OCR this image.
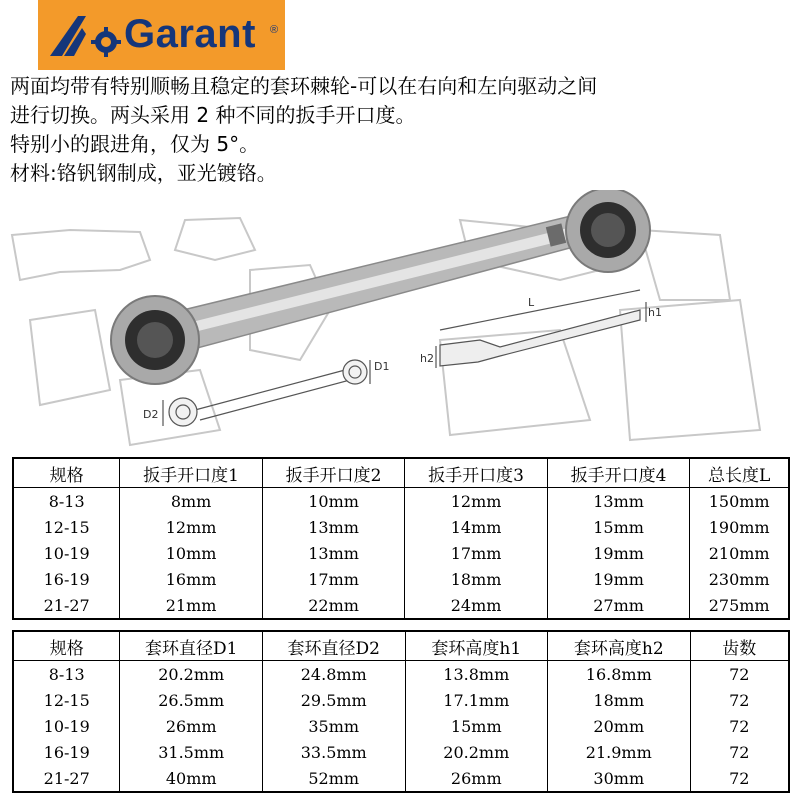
Garant ®

两面均带有特别顺畅且稳定的套环棘轮-可以在右向和左向驱动之间

进行切换。两头采用 2 种不同的扳手开口度。

特别小的跟进角，仅为 5°。

材料:铬钒钢制成，亚光镀铬。

L
h1
h2
D1
D2
规格	扳手开口度1	扳手开口度2	扳手开口度3	扳手开口度4	总长度L
8-13	8mm	10mm	12mm	13mm	150mm
12-15	12mm	13mm	14mm	15mm	190mm
10-19	10mm	13mm	17mm	19mm	210mm
16-19	16mm	17mm	18mm	19mm	230mm
21-27	21mm	22mm	24mm	27mm	275mm
规格	套环直径D1	套环直径D2	套环高度h1	套环高度h2	齿数
8-13	20.2mm	24.8mm	13.8mm	16.8mm	72
12-15	26.5mm	29.5mm	17.1mm	18mm	72
10-19	26mm	35mm	15mm	20mm	72
16-19	31.5mm	33.5mm	20.2mm	21.9mm	72
21-27	40mm	52mm	26mm	30mm	72
